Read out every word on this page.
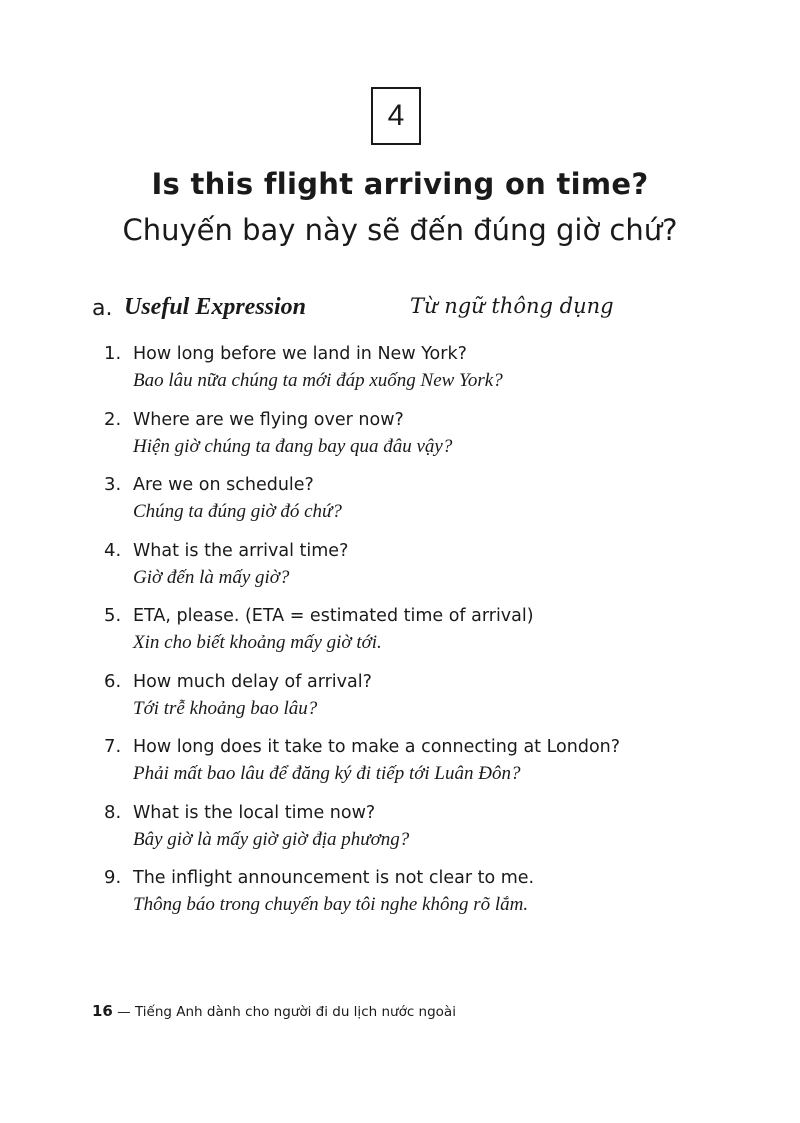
4
Is this flight arriving on time?
Chuyến bay này sẽ đến đúng giờ chứ?
a. Useful Expression	Từ ngữ thông dụng
1. How long before we land in New York?
Bao lâu nữa chúng ta mới đáp xuống New York?
2. Where are we flying over now?
Hiện giờ chúng ta đang bay qua đâu vậy?
3. Are we on schedule?
Chúng ta đúng giờ đó chứ?
4. What is the arrival time?
Giờ đến là mấy giờ?
5. ETA, please. (ETA = estimated time of arrival)
Xin cho biết khoảng mấy giờ tới.
6. How much delay of arrival?
Tới trễ khoảng bao lâu?
7. How long does it take to make a connecting at London?
Phải mất bao lâu để đăng ký đi tiếp tới Luân Đôn?
8. What is the local time now?
Bây giờ là mấy giờ giờ địa phương?
9. The inflight announcement is not clear to me.
Thông báo trong chuyến bay tôi nghe không rõ lắm.
16 — Tiếng Anh dành cho người đi du lịch nước ngoài
